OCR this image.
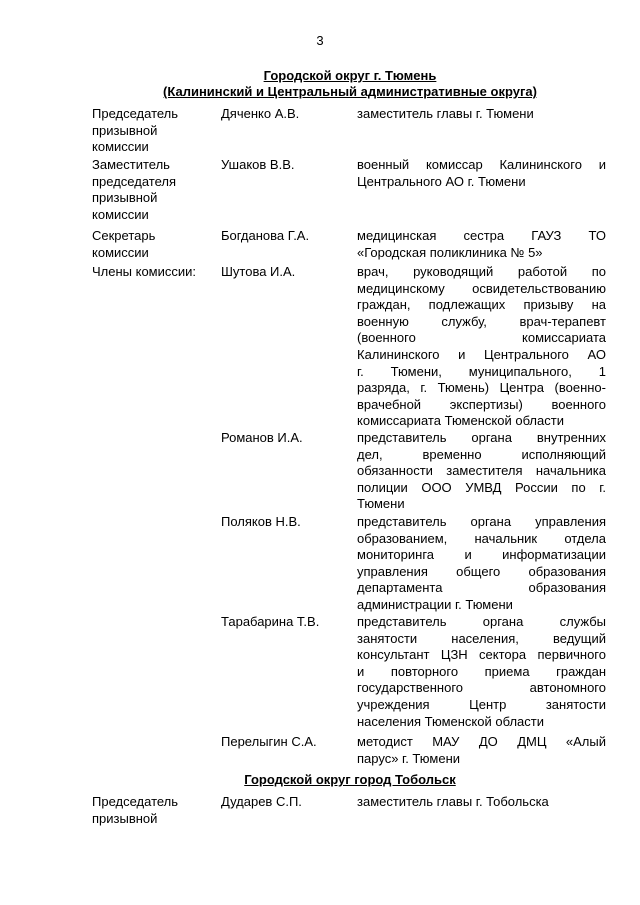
3
Городской округ г. Тюмень
(Калининский и Центральный административные округа)
Председатель
призывной
комиссии
Дяченко А.В.	заместитель главы г. Тюмени
Заместитель
председателя
призывной
комиссии
Ушаков В.В.	военный комиссар Калининского и
Центрального АО г. Тюмени
Секретарь
комиссии
Богданова Г.А.	медицинская сестра ГАУЗ ТО
«Городская поликлиника № 5»
Члены комиссии:	Шутова И.А.	врач, руководящий работой по
медицинскому освидетельствованию
граждан, подлежащих призыву на
военную службу, врач-терапевт
(военного комиссариата
Калининского и Центрального АО
г. Тюмени, муниципального, 1
разряда, г. Тюмень) Центра (военно-
врачебной экспертизы) военного
комиссариата Тюменской области
Романов И.А.	представитель органа внутренних
дел, временно исполняющий
обязанности заместителя начальника
полиции ООО УМВД России по г.
Тюмени
Поляков Н.В.	представитель органа управления
образованием, начальник отдела
мониторинга и информатизации
управления общего образования
департамента образования
администрации г. Тюмени
Тарабарина Т.В.	представитель органа службы
занятости населения, ведущий
консультант ЦЗН сектора первичного
и повторного приема граждан
государственного автономного
учреждения Центр занятости
населения Тюменской области
Перелыгин С.А.	методист МАУ ДО ДМЦ «Алый
парус» г. Тюмени
Городской округ город Тобольск
Председатель
призывной
Дударев С.П.	заместитель главы г. Тобольска
